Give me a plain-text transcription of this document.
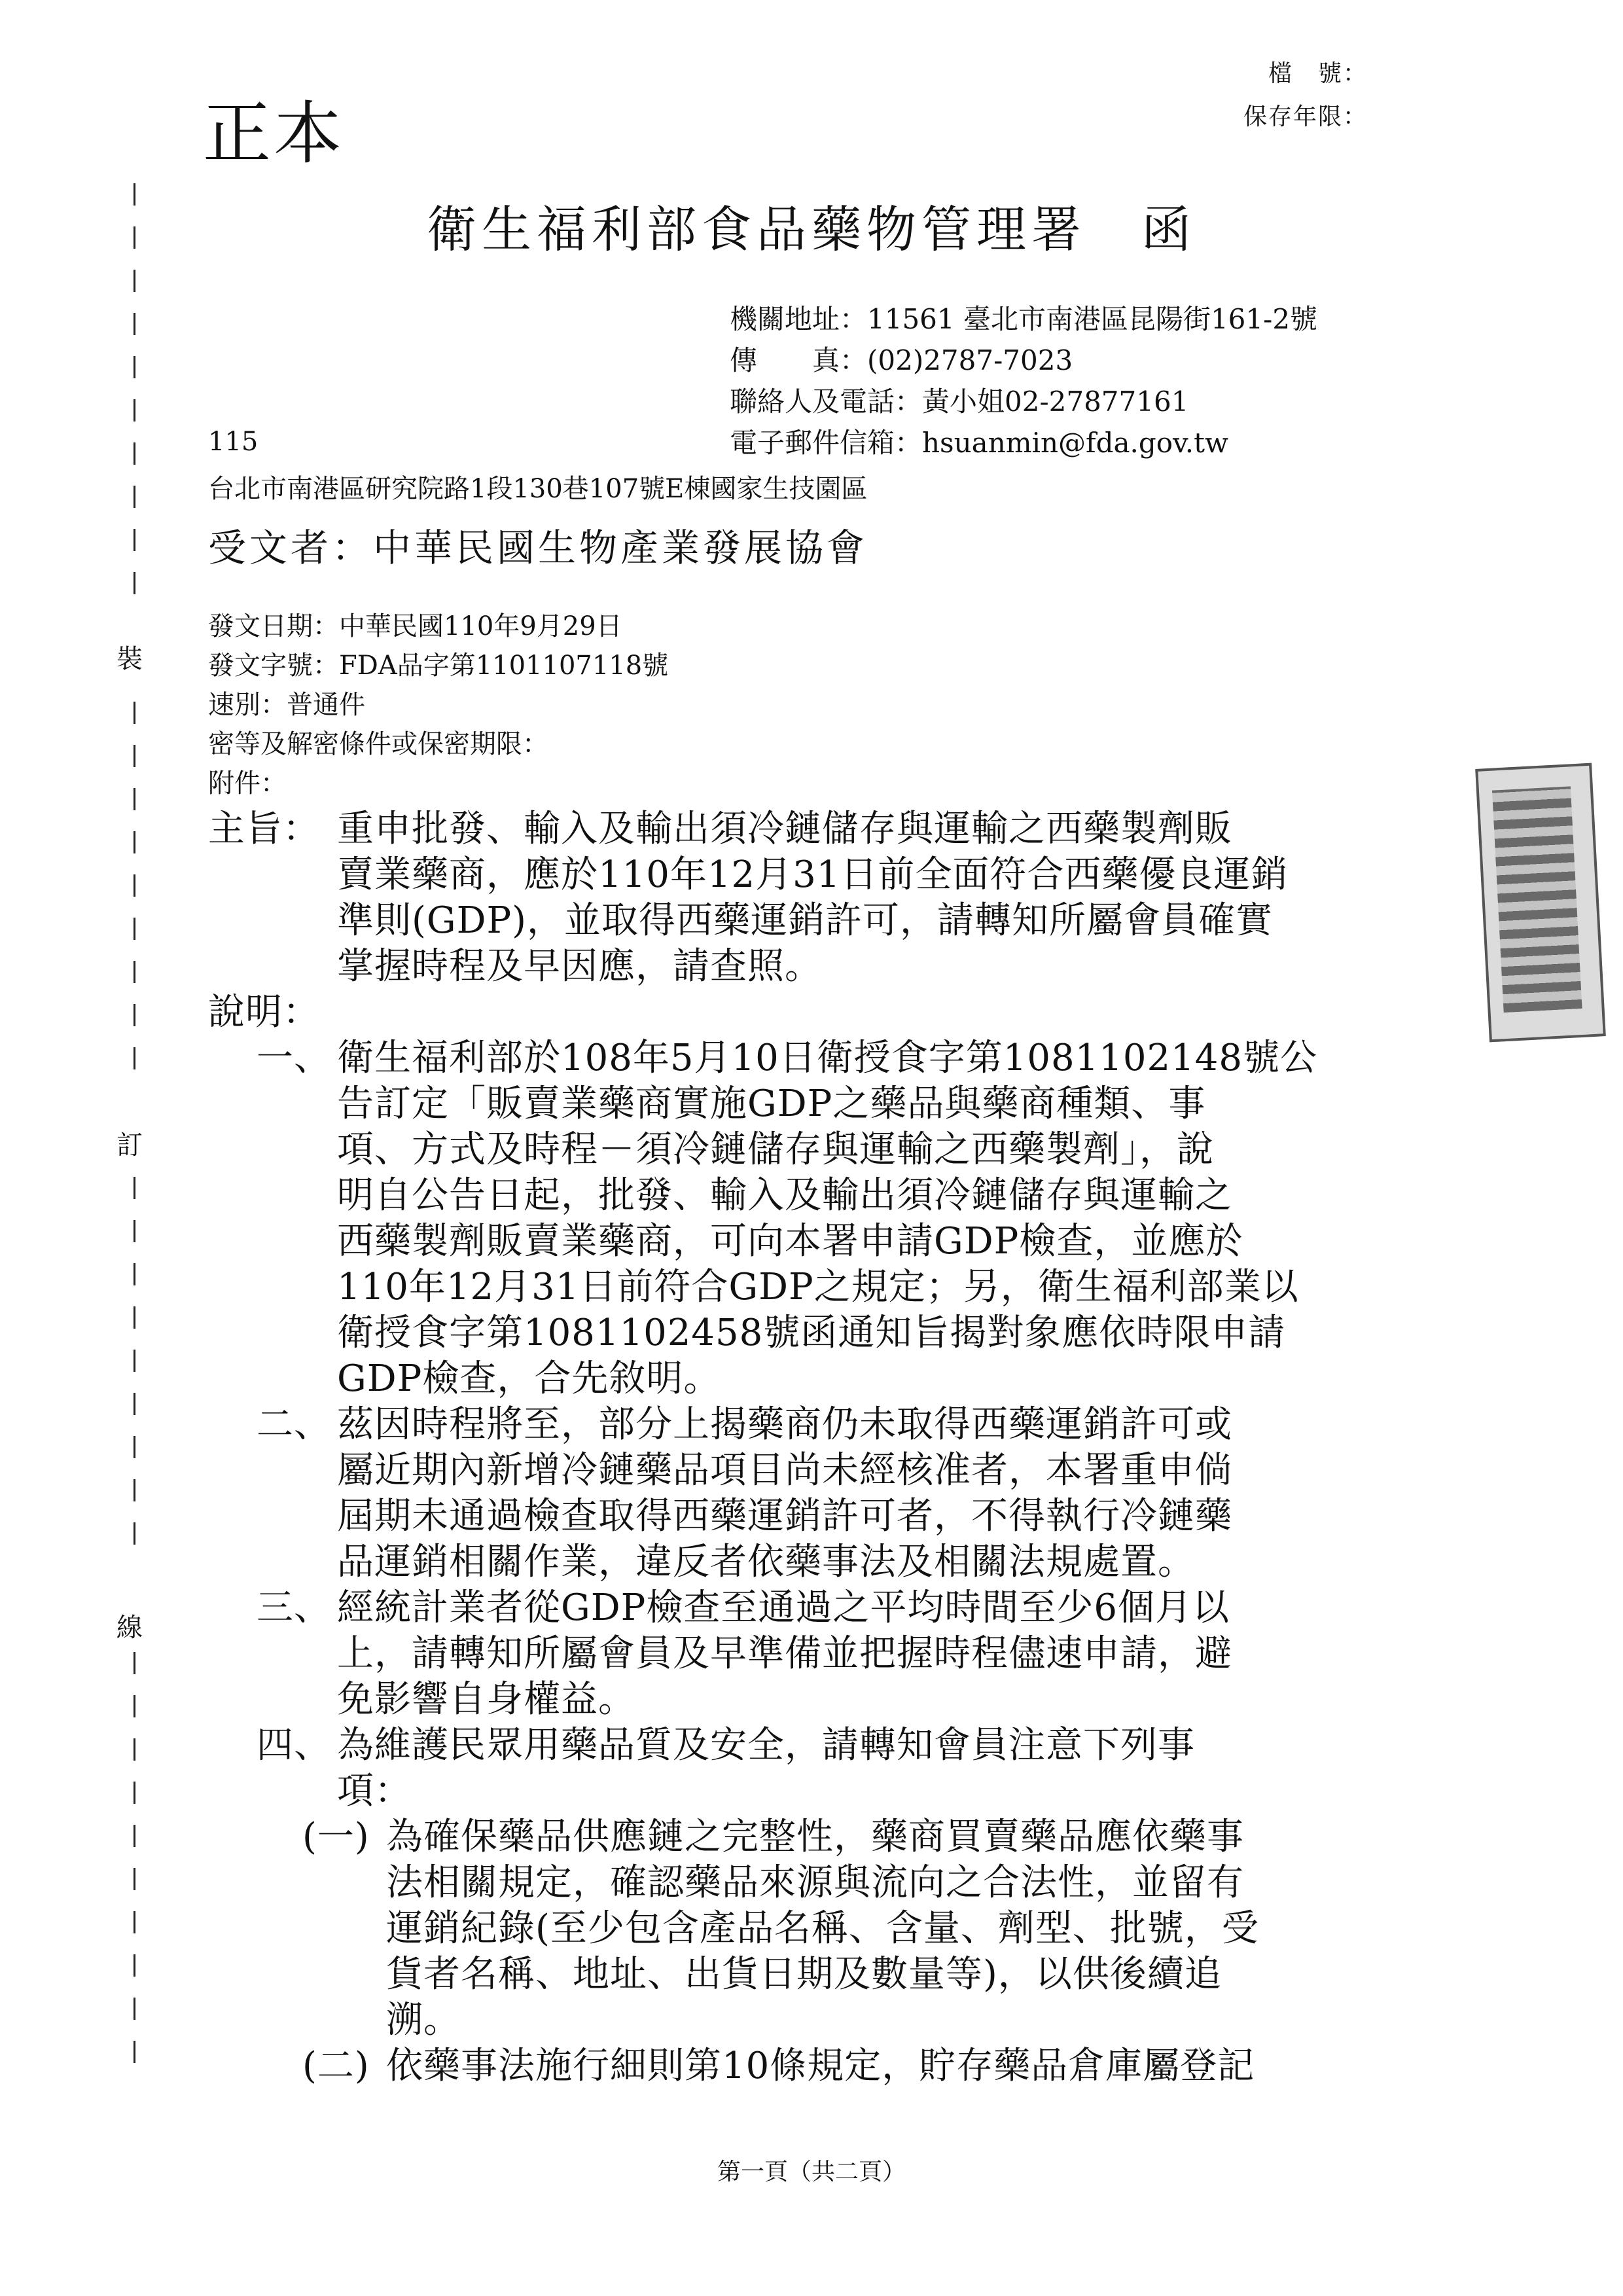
正本
檔　號：
保存年限：
衛生福利部食品藥物管理署　函
機關地址：11561 臺北市南港區昆陽街161-2號
傳　　真：(02)2787-7023
聯絡人及電話：黃小姐02-27877161
電子郵件信箱：hsuanmin@fda.gov.tw
115
台北市南港區研究院路1段130巷107號E棟國家生技園區
受文者：中華民國生物產業發展協會
發文日期：中華民國110年9月29日
發文字號：FDA品字第1101107118號
速別：普通件
密等及解密條件或保密期限：
附件：
主旨： 重申批發、輸入及輸出須冷鏈儲存與運輸之西藥製劑販
賣業藥商，應於110年12月31日前全面符合西藥優良運銷
準則(GDP)，並取得西藥運銷許可，請轉知所屬會員確實
掌握時程及早因應，請查照。
說明：
一、 衛生福利部於108年5月10日衛授食字第1081102148號公
告訂定「販賣業藥商實施GDP之藥品與藥商種類、事
項、方式及時程－須冷鏈儲存與運輸之西藥製劑」，說
明自公告日起，批發、輸入及輸出須冷鏈儲存與運輸之
西藥製劑販賣業藥商，可向本署申請GDP檢查，並應於
110年12月31日前符合GDP之規定；另，衛生福利部業以
衛授食字第1081102458號函通知旨揭對象應依時限申請
GDP檢查，合先敘明。
二、 茲因時程將至，部分上揭藥商仍未取得西藥運銷許可或
屬近期內新增冷鏈藥品項目尚未經核准者，本署重申倘
屆期未通過檢查取得西藥運銷許可者，不得執行冷鏈藥
品運銷相關作業，違反者依藥事法及相關法規處置。
三、 經統計業者從GDP檢查至通過之平均時間至少6個月以
上，請轉知所屬會員及早準備並把握時程儘速申請，避
免影響自身權益。
四、 為維護民眾用藥品質及安全，請轉知會員注意下列事
項：
(一) 為確保藥品供應鏈之完整性，藥商買賣藥品應依藥事
法相關規定，確認藥品來源與流向之合法性，並留有
運銷紀錄(至少包含產品名稱、含量、劑型、批號，受
貨者名稱、地址、出貨日期及數量等)，以供後續追
溯。
(二) 依藥事法施行細則第10條規定，貯存藥品倉庫屬登記
裝
訂
線
第一頁（共二頁）
